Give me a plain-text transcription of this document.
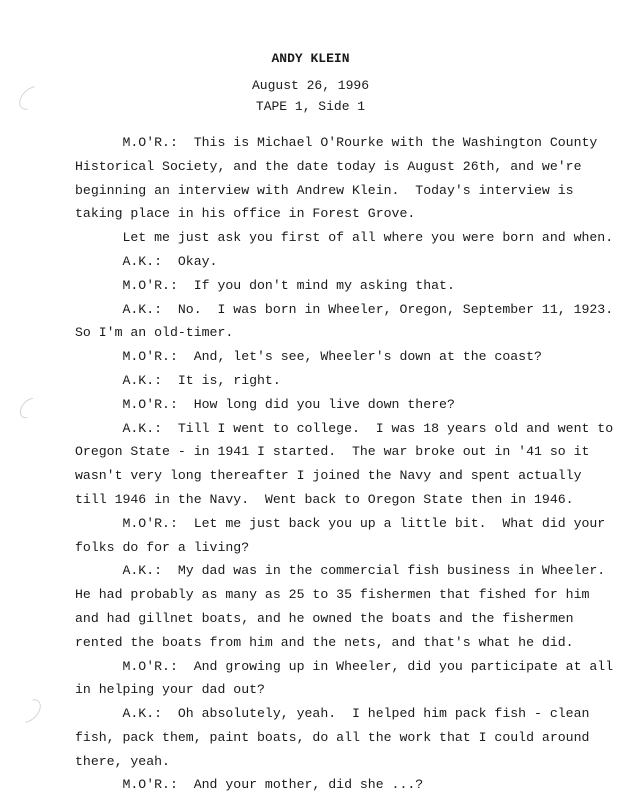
ANDY KLEIN
August 26, 1996
TAPE 1, Side 1
M.O'R.:  This is Michael O'Rourke with the Washington County
Historical Society, and the date today is August 26th, and we're
beginning an interview with Andrew Klein.  Today's interview is
taking place in his office in Forest Grove.
Let me just ask you first of all where you were born and when.
A.K.:  Okay.
M.O'R.:  If you don't mind my asking that.
A.K.:  No.  I was born in Wheeler, Oregon, September 11, 1923.
So I'm an old-timer.
M.O'R.:  And, let's see, Wheeler's down at the coast?
A.K.:  It is, right.
M.O'R.:  How long did you live down there?
A.K.:  Till I went to college.  I was 18 years old and went to
Oregon State - in 1941 I started.  The war broke out in '41 so it
wasn't very long thereafter I joined the Navy and spent actually
till 1946 in the Navy.  Went back to Oregon State then in 1946.
M.O'R.:  Let me just back you up a little bit.  What did your
folks do for a living?
A.K.:  My dad was in the commercial fish business in Wheeler.
He had probably as many as 25 to 35 fishermen that fished for him
and had gillnet boats, and he owned the boats and the fishermen
rented the boats from him and the nets, and that's what he did.
M.O'R.:  And growing up in Wheeler, did you participate at all
in helping your dad out?
A.K.:  Oh absolutely, yeah.  I helped him pack fish - clean
fish, pack them, paint boats, do all the work that I could around
there, yeah.
M.O'R.:  And your mother, did she ...?
